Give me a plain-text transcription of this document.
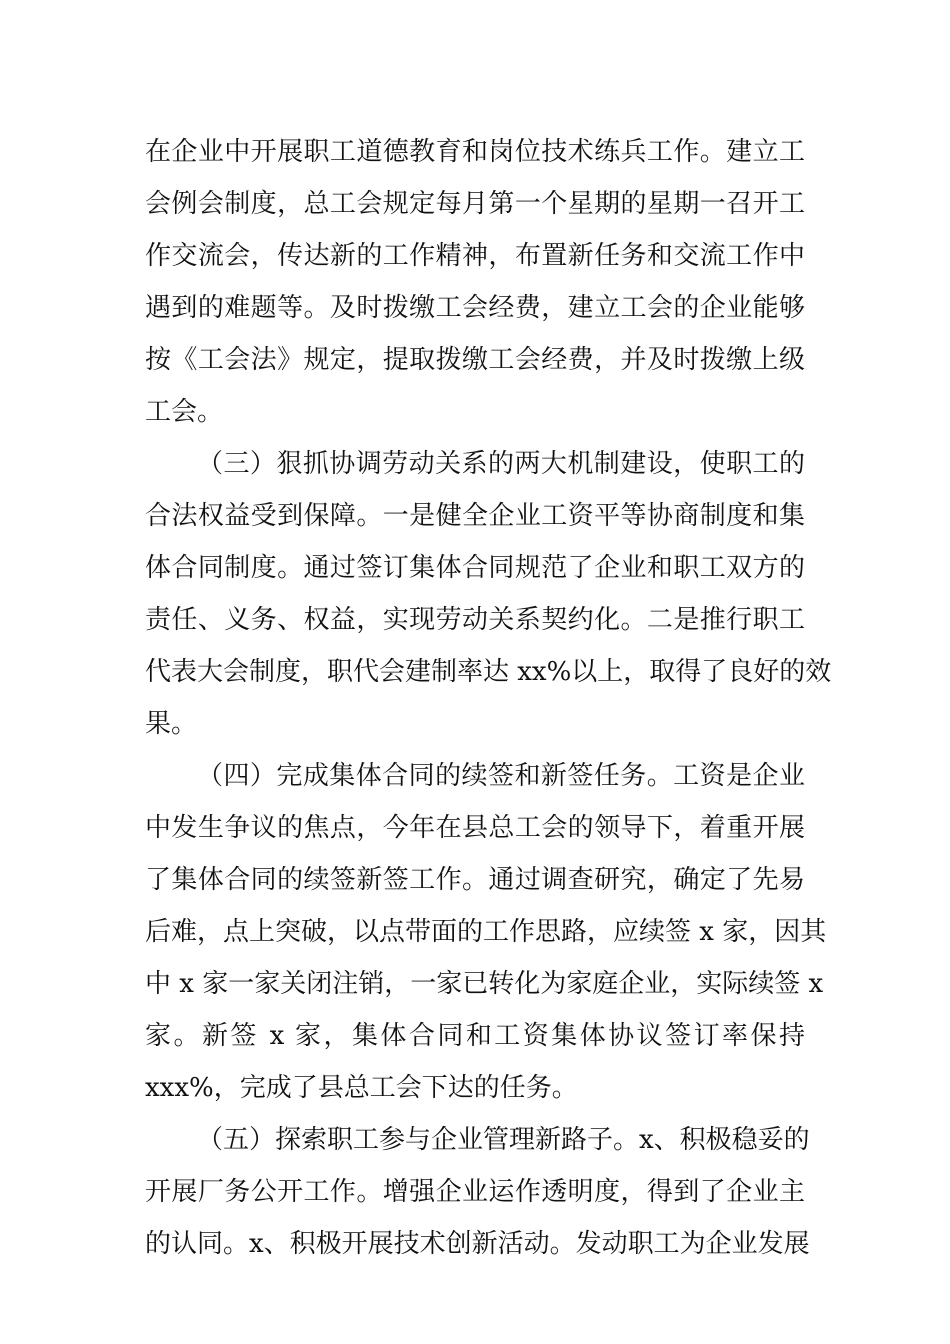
在企业中开展职工道德教育和岗位技术练兵工作。建立工
会例会制度，总工会规定每月第一个星期的星期一召开工
作交流会，传达新的工作精神，布置新任务和交流工作中
遇到的难题等。及时拨缴工会经费，建立工会的企业能够
按《工会法》规定，提取拨缴工会经费，并及时拨缴上级
工会。
（三）狠抓协调劳动关系的两大机制建设，使职工的
合法权益受到保障。一是健全企业工资平等协商制度和集
体合同制度。通过签订集体合同规范了企业和职工双方的
责任、义务、权益，实现劳动关系契约化。二是推行职工
代表大会制度，职代会建制率达 xx%以上，取得了良好的效
果。
（四）完成集体合同的续签和新签任务。工资是企业
中发生争议的焦点，今年在县总工会的领导下，着重开展
了集体合同的续签新签工作。通过调查研究，确定了先易
后难，点上突破，以点带面的工作思路，应续签 x 家，因其
中 x 家一家关闭注销，一家已转化为家庭企业，实际续签 x
家。新签 x 家，集体合同和工资集体协议签订率保持
xxx%，完成了县总工会下达的任务。
（五）探索职工参与企业管理新路子。x、积极稳妥的
开展厂务公开工作。增强企业运作透明度，得到了企业主
的认同。x、积极开展技术创新活动。发动职工为企业发展
